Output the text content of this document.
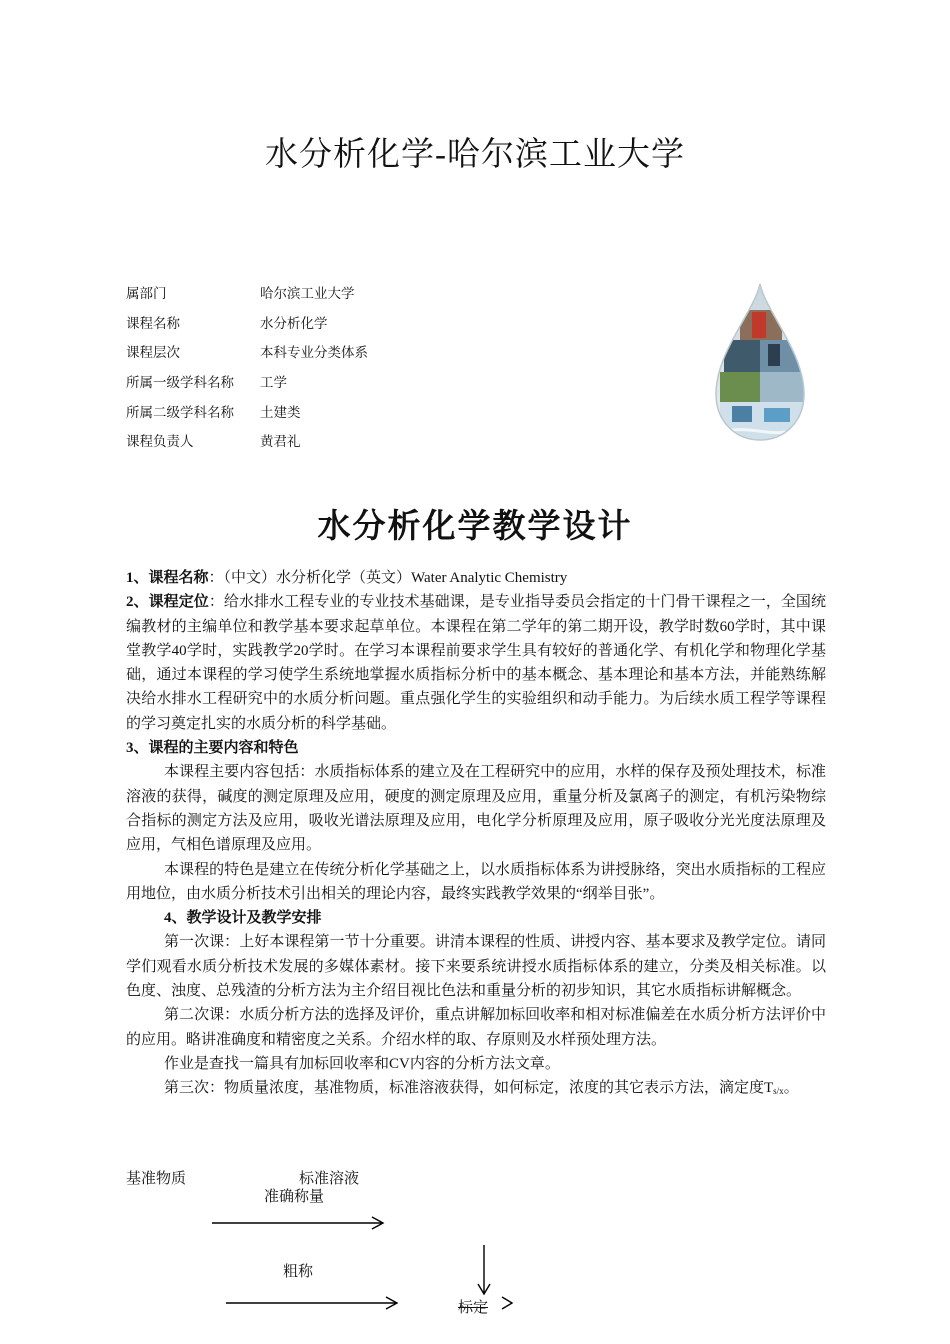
水分析化学-哈尔滨工业大学
属部门	哈尔滨工业大学
课程名称	水分析化学
课程层次	本科专业分类体系
所属一级学科名称	工学
所属二级学科名称	土建类
课程负责人	黄君礼
水分析化学教学设计

1、课程名称：（中文）水分析化学（英文）Water Analytic Chemistry

2、课程定位：给水排水工程专业的专业技术基础课，是专业指导委员会指定的十门骨干课程之一，全国统编教材的主编单位和教学基本要求起草单位。本课程在第二学年的第二期开设，教学时数60学时，其中课堂教学40学时，实践教学20学时。在学习本课程前要求学生具有较好的普通化学、有机化学和物理化学基础，通过本课程的学习使学生系统地掌握水质指标分析中的基本概念、基本理论和基本方法，并能熟练解决给水排水工程研究中的水质分析问题。重点强化学生的实验组织和动手能力。为后续水质工程学等课程的学习奠定扎实的水质分析的科学基础。

3、课程的主要内容和特色

本课程主要内容包括：水质指标体系的建立及在工程研究中的应用，水样的保存及预处理技术，标准溶液的获得，碱度的测定原理及应用，硬度的测定原理及应用，重量分析及氯离子的测定，有机污染物综合指标的测定方法及应用，吸收光谱法原理及应用，电化学分析原理及应用，原子吸收分光光度法原理及应用，气相色谱原理及应用。

本课程的特色是建立在传统分析化学基础之上，以水质指标体系为讲授脉络，突出水质指标的工程应用地位，由水质分析技术引出相关的理论内容，最终实践教学效果的“纲举目张”。

4、教学设计及教学安排

第一次课：上好本课程第一节十分重要。讲清本课程的性质、讲授内容、基本要求及教学定位。请同学们观看水质分析技术发展的多媒体素材。接下来要系统讲授水质指标体系的建立，分类及相关标准。以色度、浊度、总残渣的分析方法为主介绍目视比色法和重量分析的初步知识，其它水质指标讲解概念。

第二次课：水质分析方法的选择及评价，重点讲解加标回收率和相对标准偏差在水质分析方法评价中的应用。略讲准确度和精密度之关系。介绍水样的取、存原则及水样预处理方法。

作业是查找一篇具有加标回收率和CV内容的分析方法文章。

第三次：物质量浓度，基准物质，标准溶液获得，如何标定，浓度的其它表示方法，滴定度$T_{s/x}$。

基准物质	标准溶液
准确称量
粗称
标定
